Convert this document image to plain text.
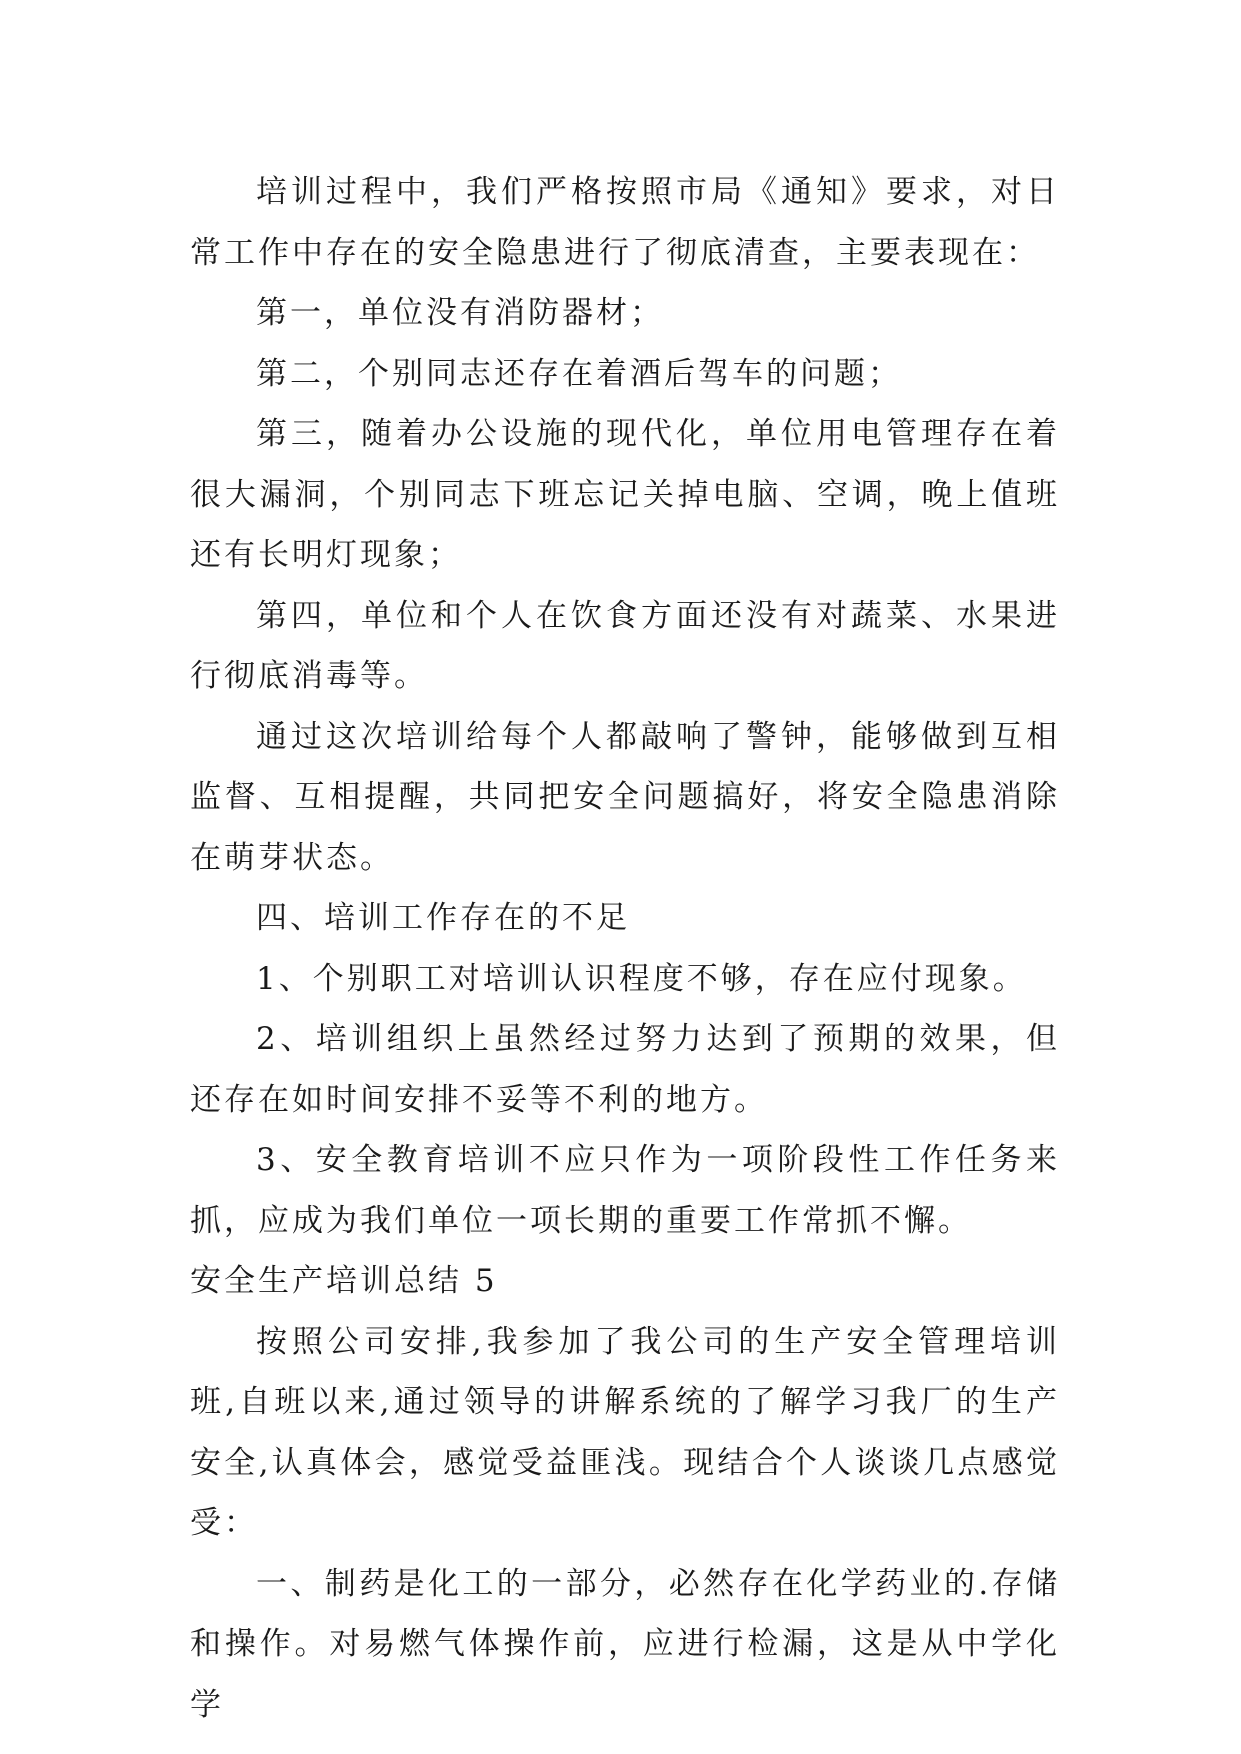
培训过程中，我们严格按照市局《通知》要求，对日常工作中存在的安全隐患进行了彻底清查，主要表现在：

第一，单位没有消防器材；

第二，个别同志还存在着酒后驾车的问题；

第三，随着办公设施的现代化，单位用电管理存在着很大漏洞，个别同志下班忘记关掉电脑、空调，晚上值班还有长明灯现象；

第四，单位和个人在饮食方面还没有对蔬菜、水果进行彻底消毒等。

通过这次培训给每个人都敲响了警钟，能够做到互相监督、互相提醒，共同把安全问题搞好，将安全隐患消除在萌芽状态。

四、培训工作存在的不足

1、个别职工对培训认识程度不够，存在应付现象。

2、培训组织上虽然经过努力达到了预期的效果，但还存在如时间安排不妥等不利的地方。

3、安全教育培训不应只作为一项阶段性工作任务来抓，应成为我们单位一项长期的重要工作常抓不懈。

安全生产培训总结 5

按照公司安排,我参加了我公司的生产安全管理培训班,自班以来,通过领导的讲解系统的了解学习我厂的生产安全,认真体会，感觉受益匪浅。现结合个人谈谈几点感觉受：

一、制药是化工的一部分，必然存在化学药业的.存储和操作。对易燃气体操作前，应进行检漏，这是从中学化学
